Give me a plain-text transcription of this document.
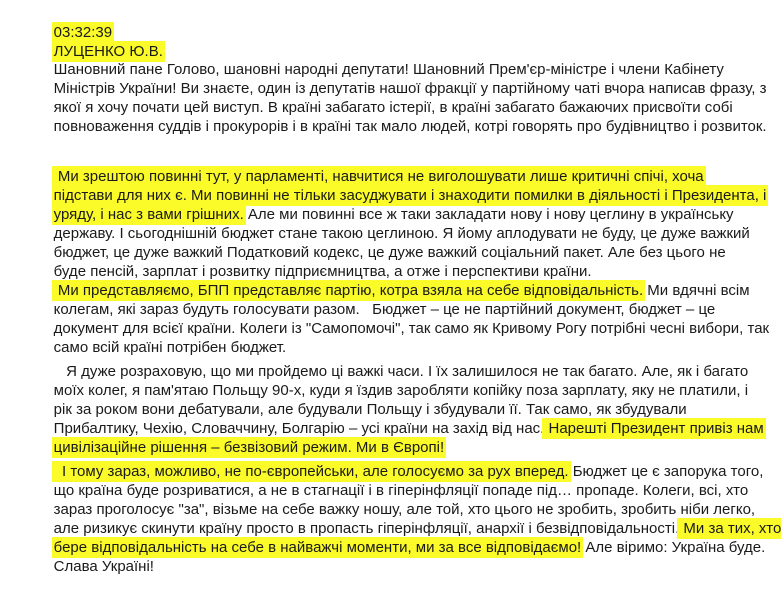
03:32:39

ЛУЦЕНКО Ю.В.

Шановний пане Голово, шановні народні депутати! Шановний Прем'єр-міністре і члени Кабінету

Міністрів України! Ви знаєте, один із депутатів нашої фракції у партійному чаті вчора написав фразу, з

якої я хочу почати цей виступ. В країні забагато істерії, в країні забагато бажаючих присвоїти собі

повноваження суддів і прокурорів і в країні так мало людей, котрі говорять про будівництво і розвиток.

Ми зрештою повинні тут, у парламенті, навчитися не виголошувати лише критичні спічі, хоча

підстави для них є. Ми повинні не тільки засуджувати і знаходити помилки в діяльності і Президента, і

уряду, і нас з вами грішних. Але ми повинні все ж таки закладати нову і нову цеглину в українську

державу. І сьогоднішній бюджет стане такою цеглиною. Я йому аплодувати не буду, це дуже важкий

бюджет, це дуже важкий Податковий кодекс, це дуже важкий соціальний пакет. Але без цього не

буде пенсій, зарплат і розвитку підприємництва, а отже і перспективи країни.

Ми представляємо, БПП представляє партію, котра взяла на себе відповідальність. Ми вдячні всім

колегам, які зараз будуть голосувати разом.   Бюджет – це не партійний документ, бюджет – це

документ для всієї країни. Колеги із "Самопомочі", так само як Кривому Рогу потрібні чесні вибори, так

само всій країні потрібен бюджет.

Я дуже розраховую, що ми пройдемо ці важкі часи. І їх залишилося не так багато. Але, як і багато

моїх колег, я пам'ятаю Польщу 90-х, куди я їздив заробляти копійку поза зарплату, яку не платили, і

рік за роком вони дебатували, але будували Польщу і збудували її. Так само, як збудували

Прибалтику, Чехію, Словаччину, Болгарію – усі країни на захід від нас. Нарешті Президент привіз нам

цивілізаційне рішення – безвізовий режим. Ми в Європі!

І тому зараз, можливо, не по-європейськи, але голосуємо за рух вперед. Бюджет це є запорука того,

що країна буде розриватися, а не в стагнації і в гіперінфляції попаде під… пропаде. Колеги, всі, хто

зараз проголосує "за", візьме на себе важку ношу, але той, хто цього не зробить, зробить ніби легко,

але ризикує скинути країну просто в пропасть гіперінфляції, анархії і безвідповідальності. Ми за тих, хто

бере відповідальність на себе в найважчі моменти, ми за все відповідаємо! Але віримо: Україна буде.

Слава Україні!
